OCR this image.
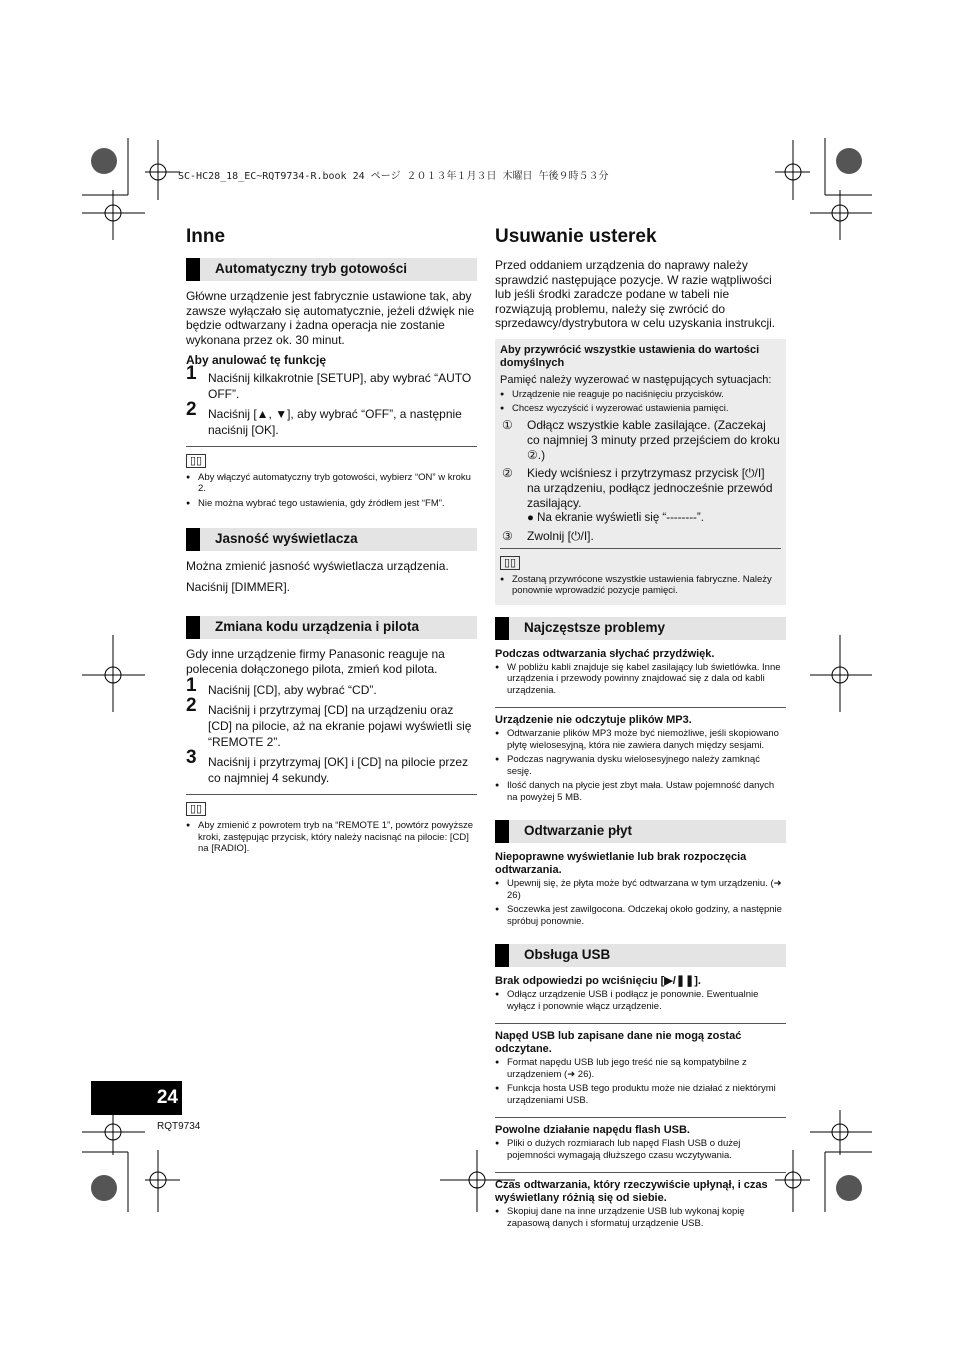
SC-HC28_18_EC~RQT9734-R.book 24 ページ ２０１３年１月３日 木曜日 午後９時５３分
Inne
Automatyczny tryb gotowości

Główne urządzenie jest fabrycznie ustawione tak, aby zawsze wyłączało się automatycznie, jeżeli dźwięk nie będzie odtwarzany i żadna operacja nie zostanie wykonana przez ok. 30 minut.

Aby anulować tę funkcję

1 Naciśnij kilkakrotnie [SETUP], aby wybrać “AUTO OFF”.
2 Naciśnij [▲, ▼], aby wybrać “OFF”, a następnie naciśnij [OK].
▯▯
● Aby włączyć automatyczny tryb gotowości, wybierz “ON” w kroku 2.
● Nie można wybrać tego ustawienia, gdy źródłem jest “FM”.
Jasność wyświetlacza

Można zmienić jasność wyświetlacza urządzenia.

Naciśnij [DIMMER].

Zmiana kodu urządzenia i pilota

Gdy inne urządzenie firmy Panasonic reaguje na polecenia dołączonego pilota, zmień kod pilota.

1 Naciśnij [CD], aby wybrać “CD”.
2 Naciśnij i przytrzymaj [CD] na urządzeniu oraz [CD] na pilocie, aż na ekranie pojawi wyświetli się “REMOTE 2”.
3 Naciśnij i przytrzymaj [OK] i [CD] na pilocie przez co najmniej 4 sekundy.
▯▯
● Aby zmienić z powrotem tryb na “REMOTE 1”, powtórz powyższe kroki, zastępując przycisk, który należy nacisnąć na pilocie: [CD] na [RADIO].
Usuwanie usterek

Przed oddaniem urządzenia do naprawy należy sprawdzić następujące pozycje. W razie wątpliwości lub jeśli środki zaradcze podane w tabeli nie rozwiązują problemu, należy się zwrócić do sprzedawcy/dystrybutora w celu uzyskania instrukcji.

Aby przywrócić wszystkie ustawienia do wartości domyślnych
Pamięć należy wyzerować w następujących sytuacjach:
● Urządzenie nie reaguje po naciśnięciu przycisków.
● Chcesz wyczyścić i wyzerować ustawienia pamięci.
① Odłącz wszystkie kable zasilające. (Zaczekaj co najmniej 3 minuty przed przejściem do kroku ②.)
② Kiedy wciśniesz i przytrzymasz przycisk [⏻/I] na urządzeniu, podłącz jednocześnie przewód zasilający.
● Na ekranie wyświetli się “--------”.
③ Zwolnij [⏻/I].
▯▯
● Zostaną przywrócone wszystkie ustawienia fabryczne. Należy ponownie wprowadzić pozycje pamięci.
Najczęstsze problemy
Podczas odtwarzania słychać przydźwięk.
● W pobliżu kabli znajduje się kabel zasilający lub świetlówka. Inne urządzenia i przewody powinny znajdować się z dala od kabli urządzenia.
Urządzenie nie odczytuje plików MP3.
● Odtwarzanie plików MP3 może być niemożliwe, jeśli skopiowano płytę wielosesyjną, która nie zawiera danych między sesjami.
● Podczas nagrywania dysku wielosesyjnego należy zamknąć sesję.
● Ilość danych na płycie jest zbyt mała. Ustaw pojemność danych na powyżej 5 MB.
Odtwarzanie płyt
Niepoprawne wyświetlanie lub brak rozpoczęcia odtwarzania.
● Upewnij się, że płyta może być odtwarzana w tym urządzeniu. (➜ 26)
● Soczewka jest zawilgocona. Odczekaj około godziny, a następnie spróbuj ponownie.
Obsługa USB
Brak odpowiedzi po wciśnięciu [▶/❚❚].
● Odłącz urządzenie USB i podłącz je ponownie. Ewentualnie wyłącz i ponownie włącz urządzenie.
Napęd USB lub zapisane dane nie mogą zostać odczytane.
● Format napędu USB lub jego treść nie są kompatybilne z urządzeniem (➜ 26).
● Funkcja hosta USB tego produktu może nie działać z niektórymi urządzeniami USB.
Powolne działanie napędu flash USB.
● Pliki o dużych rozmiarach lub napęd Flash USB o dużej pojemności wymagają dłuższego czasu wczytywania.
Czas odtwarzania, który rzeczywiście upłynął, i czas wyświetlany różnią się od siebie.
● Skopiuj dane na inne urządzenie USB lub wykonaj kopię zapasową danych i sformatuj urządzenie USB.
24
RQT9734
